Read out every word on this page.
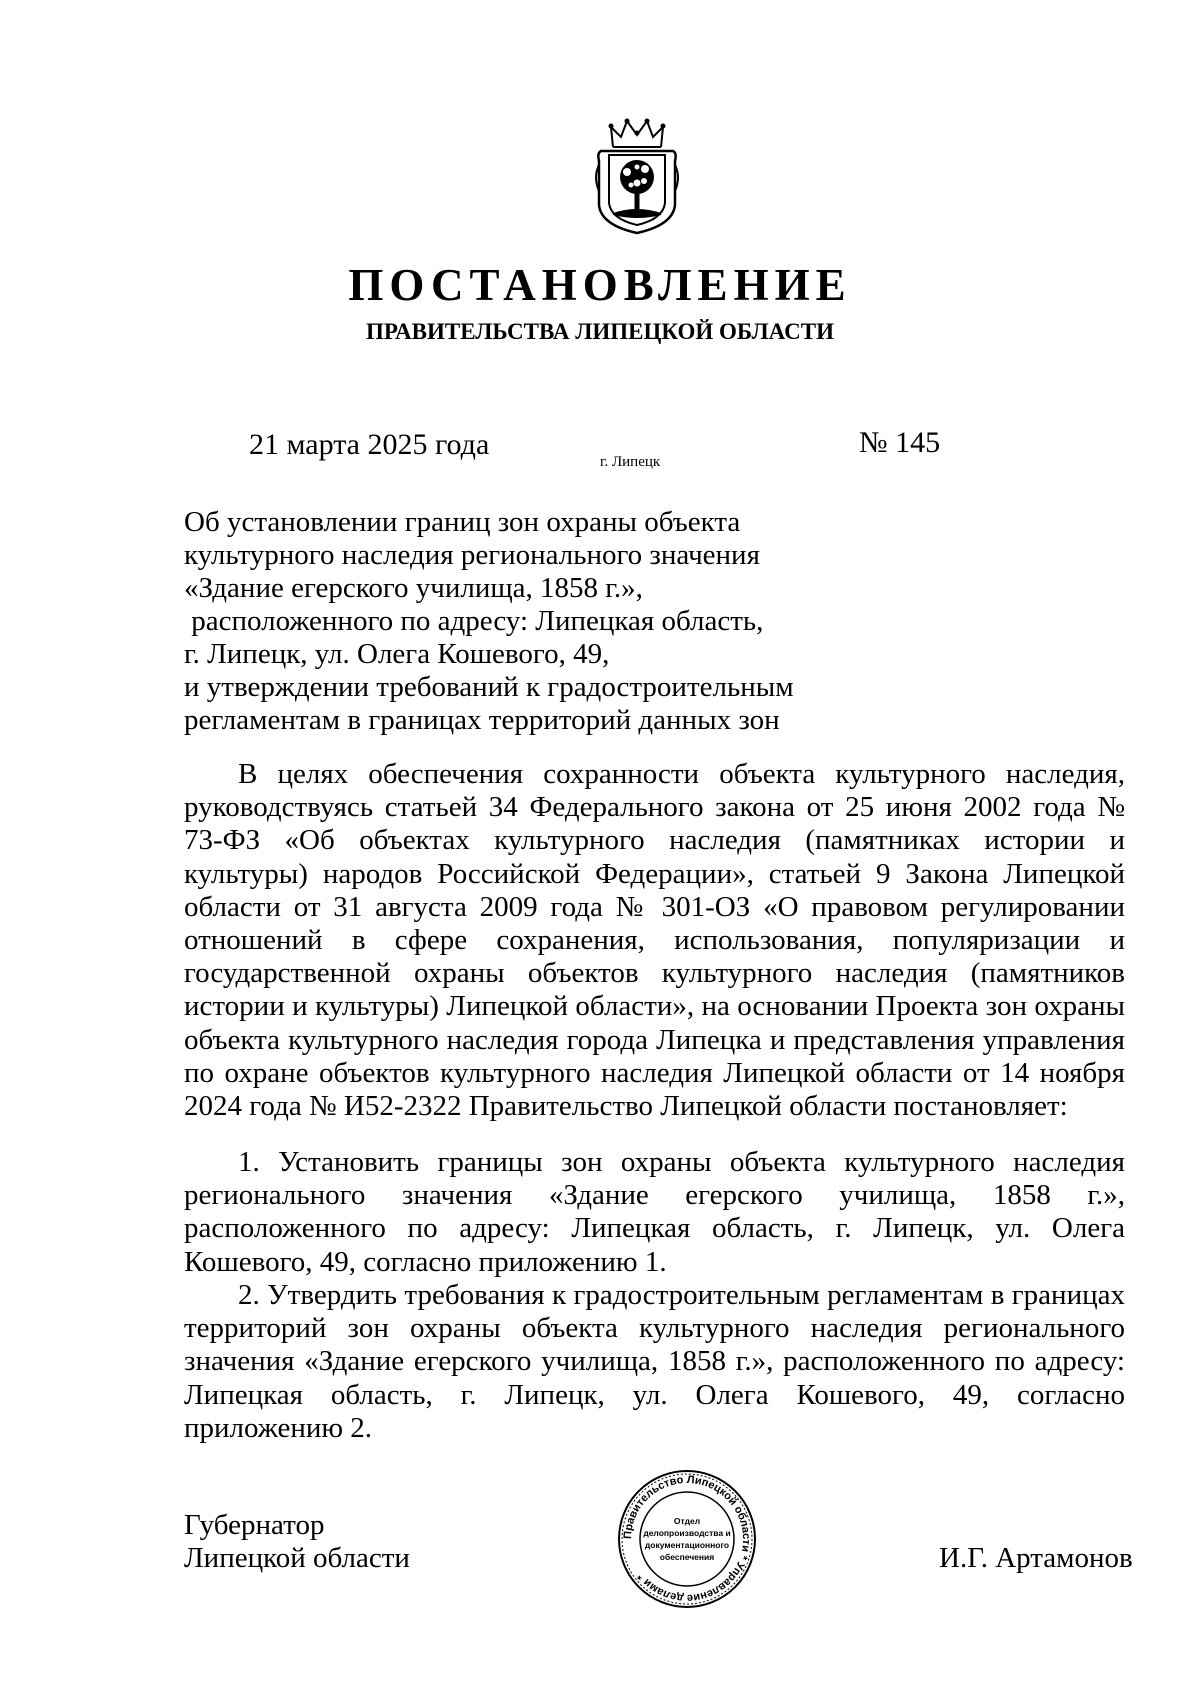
ПОСТАНОВЛЕНИЕ
ПРАВИТЕЛЬСТВА ЛИПЕЦКОЙ ОБЛАСТИ
21 марта 2025 года
г. Липецк
№ 145
Об установлении границ зон охраны объекта
культурного наследия регионального значения
«Здание егерского училища, 1858 г.»,
расположенного по адресу: Липецкая область,
г. Липецк, ул. Олега Кошевого, 49,
и утверждении требований к градостроительным
регламентам в границах территорий данных зон

В целях обеспечения сохранности объекта культурного наследия, руководствуясь статьей 34 Федерального закона от 25 июня 2002 года № 73-ФЗ «Об объектах культурного наследия (памятниках истории и культуры) народов Российской Федерации», статьей 9 Закона Липецкой области от 31 августа 2009 года № 301-ОЗ «О правовом регулировании отношений в сфере сохранения, использования, популяризации и государственной охраны объектов культурного наследия (памятников истории и культуры) Липецкой области», на основании Проекта зон охраны объекта культурного наследия города Липецка и представления управления по охране объектов культурного наследия Липецкой области от 14 ноября 2024 года № И52-2322 Правительство Липецкой области постановляет:

1. Установить границы зон охраны объекта культурного наследия регионального значения «Здание егерского училища, 1858 г.», расположенного по адресу: Липецкая область, г. Липецк, ул. Олега Кошевого, 49, согласно приложению 1.

2. Утвердить требования к градостроительным регламентам в границах территорий зон охраны объекта культурного наследия регионального значения «Здание егерского училища, 1858 г.», расположенного по адресу: Липецкая область, г. Липецк, ул. Олега Кошевого, 49, согласно приложению 2.

Губернатор
Липецкой области	И.Г. Артамонов
Правительство Липецкой области * Управление делами *
Отдел
делопроизводства и
документационного
обеспечения
